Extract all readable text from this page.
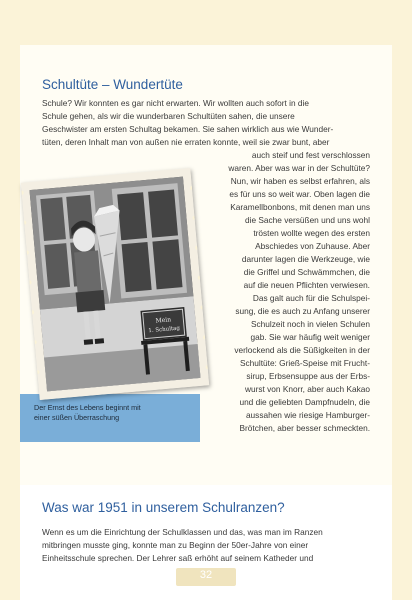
Schultüte – Wundertüte
Schule? Wir konnten es gar nicht erwarten. Wir wollten auch sofort in die
Schule gehen, als wir die wunderbaren Schultüten sahen, die unsere
Geschwister am ersten Schultag bekamen. Sie sahen wirklich aus wie Wunder-
tüten, deren Inhalt man von außen nie erraten konnte, weil sie zwar bunt, aber
auch steif und fest verschlossen
waren. Aber was war in der Schultüte?
Nun, wir haben es selbst erfahren, als
es für uns so weit war. Oben lagen die
Karamellbonbons, mit denen man uns
die Sache versüßen und uns wohl
trösten wollte wegen des ersten
Abschiedes von Zuhause. Aber
darunter lagen die Werkzeuge, wie
die Griffel und Schwämmchen, die
auf die neuen Pflichten verwiesen.
Das galt auch für die Schulspei-
sung, die es auch zu Anfang unserer
Schulzeit noch in vielen Schulen
gab. Sie war häufig weit weniger
verlockend als die Süßigkeiten in der
Schultüte: Grieß-Speise mit Frucht-
sirup, Erbsensuppe aus der Erbs-
wurst von Knorr, aber auch Kakao
und die geliebten Dampfnudeln, die
aussahen wie riesige Hamburger-
Brötchen, aber besser schmeckten.
Mein
1. Schultag
Der Ernst des Lebens beginnt mit
einer süßen Überraschung
Was war 1951 in unserem Schulranzen?
Wenn es um die Einrichtung der Schulklassen und das, was man im Ranzen
mitbringen musste ging, konnte man zu Beginn der 50er-Jahre von einer
Einheitsschule sprechen. Der Lehrer saß erhöht auf seinem Katheder und
32
